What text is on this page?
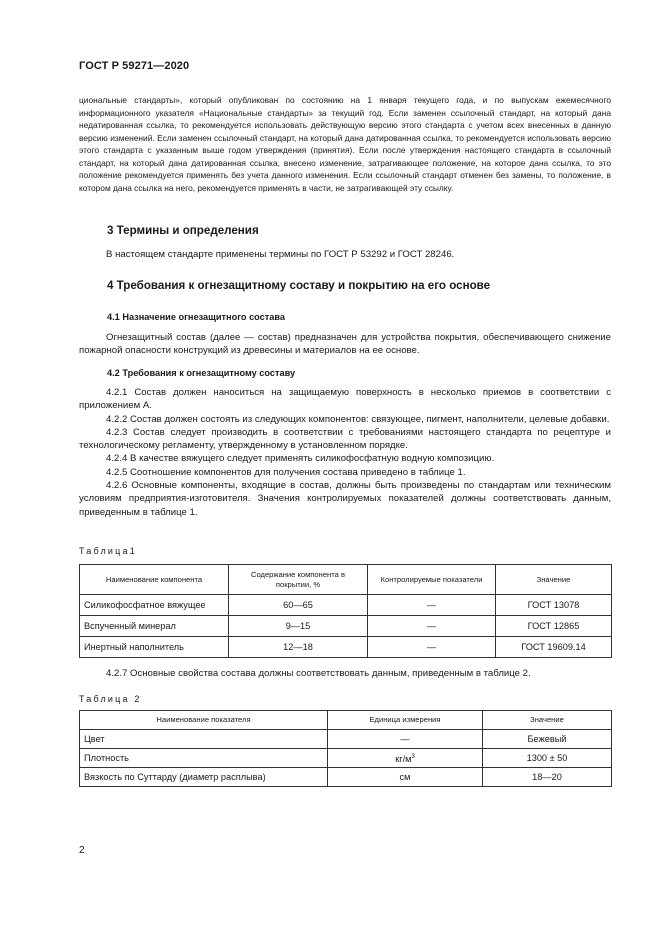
ГОСТ Р 59271—2020

циональные стандарты», который опубликован по состоянию на 1 января текущего года, и по выпускам ежемесячного информационного указателя «Национальные стандарты» за текущий год. Если заменен ссылочный стандарт, на который дана недатированная ссылка, то рекомендуется использовать действующую версию этого стандарта с учетом всех внесенных в данную версию изменений. Если заменен ссылочный стандарт, на который дана датированная ссылка, то рекомендуется использовать версию этого стандарта с указанным выше годом утверждения (принятия). Если после утверждения настоящего стандарта в ссылочный стандарт, на который дана датированная ссылка, внесено изменение, затрагивающее положение, на которое дана ссылка, то это положение рекомендуется применять без учета данного изменения. Если ссылочный стандарт отменен без замены, то положение, в котором дана ссылка на него, рекомендуется применять в части, не затрагивающей эту ссылку.

3 Термины и определения

В настоящем стандарте применены термины по ГОСТ Р 53292 и ГОСТ 28246.

4 Требования к огнезащитному составу и покрытию на его основе
4.1 Назначение огнезащитного состава

Огнезащитный состав (далее — состав) предназначен для устройства покрытия, обеспечивающего снижение пожарной опасности конструкций из древесины и материалов на ее основе.

4.2 Требования к огнезащитному составу

4.2.1 Состав должен наноситься на защищаемую поверхность в несколько приемов в соответствии с приложением А.

4.2.2 Состав должен состоять из следующих компонентов: связующее, пигмент, наполнители, целевые добавки.

4.2.3 Состав следует производить в соответствии с требованиями настоящего стандарта по рецептуре и технологическому регламенту, утвержденному в установленном порядке.

4.2.4 В качестве вяжущего следует применять силикофосфатную водную композицию.

4.2.5 Соотношение компонентов для получения состава приведено в таблице 1.

4.2.6 Основные компоненты, входящие в состав, должны быть произведены по стандартам или техническим условиям предприятия-изготовителя. Значения контролируемых показателей должны соответствовать данным, приведенным в таблице 1.

Таблица1
Наименование компонента	Содержание компонента в покрытии, %	Контролируемые показатели	Значение
Силикофосфатное вяжущее	60—65	—	ГОСТ 13078
Вспученный минерал	9—15	—	ГОСТ 12865
Инертный наполнитель	12—18	—	ГОСТ 19609.14

4.2.7 Основные свойства состава должны соответствовать данным, приведенным в таблице 2.

Таблица 2
Наименование показателя	Единица измерения	Значение
Цвет	—	Бежевый
Плотность	$кг/м^3$	1300 ± 50
Вязкость по Суттарду (диаметр расплыва)	см	18—20
2
